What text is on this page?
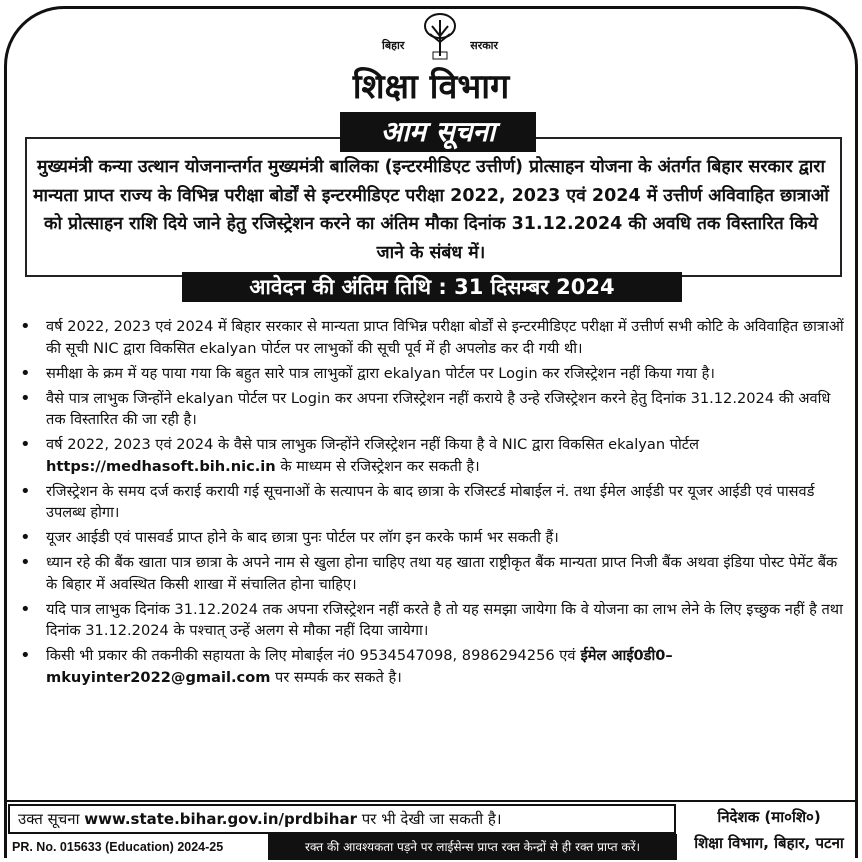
बिहार	सरकार
शिक्षा विभाग
आम सूचना
मुख्यमंत्री कन्या उत्थान योजनान्तर्गत मुख्यमंत्री बालिका (इन्टरमीडिएट उत्तीर्ण) प्रोत्साहन योजना के अंतर्गत बिहार सरकार द्वारा मान्यता प्राप्त राज्य के विभिन्न परीक्षा बोर्डों से इन्टरमीडिएट परीक्षा 2022, 2023 एवं 2024 में उत्तीर्ण अविवाहित छात्राओं को प्रोत्साहन राशि दिये जाने हेतु रजिस्ट्रेशन करने का अंतिम मौका दिनांक 31.12.2024 की अवधि तक विस्तारित किये जाने के संबंध में।
आवेदन की अंतिम तिथि : 31 दिसम्बर 2024
• वर्ष 2022, 2023 एवं 2024 में बिहार सरकार से मान्यता प्राप्त विभिन्न परीक्षा बोर्डों से इन्टरमीडिएट परीक्षा में उत्तीर्ण सभी कोटि के अविवाहित छात्राओं की सूची NIC द्वारा विकसित ekalyan पोर्टल पर लाभुकों की सूची पूर्व में ही अपलोड कर दी गयी थी।
• समीक्षा के क्रम में यह पाया गया कि बहुत सारे पात्र लाभुकों द्वारा ekalyan पोर्टल पर Login कर रजिस्ट्रेशन नहीं किया गया है।
• वैसे पात्र लाभुक जिन्होंने ekalyan पोर्टल पर Login कर अपना रजिस्ट्रेशन नहीं कराये है उन्हे रजिस्ट्रेशन करने हेतु दिनांक 31.12.2024 की अवधि तक विस्तारित की जा रही है।
• वर्ष 2022, 2023 एवं 2024 के वैसे पात्र लाभुक जिन्होंने रजिस्ट्रेशन नहीं किया है वे NIC द्वारा विकसित ekalyan पोर्टल https://medhasoft.bih.nic.in के माध्यम से रजिस्ट्रेशन कर सकती है।
• रजिस्ट्रेशन के समय दर्ज कराई करायी गई सूचनाओं के सत्यापन के बाद छात्रा के रजिस्टर्ड मोबाईल नं. तथा ईमेल आईडी पर यूजर आईडी एवं पासवर्ड उपलब्ध होगा।
• यूजर आईडी एवं पासवर्ड प्राप्त होने के बाद छात्रा पुनः पोर्टल पर लॉग इन करके फार्म भर सकती हैं।
• ध्यान रहे की बैंक खाता पात्र छात्रा के अपने नाम से खुला होना चाहिए तथा यह खाता राष्ट्रीकृत बैंक मान्यता प्राप्त निजी बैंक अथवा इंडिया पोस्ट पेमेंट बैंक के बिहार में अवस्थित किसी शाखा में संचालित होना चाहिए।
• यदि पात्र लाभुक दिनांक 31.12.2024 तक अपना रजिस्ट्रेशन नहीं करते है तो यह समझा जायेगा कि वे योजना का लाभ लेने के लिए इच्छुक नहीं है तथा दिनांक 31.12.2024 के पश्चात् उन्हें अलग से मौका नहीं दिया जायेगा।
• किसी भी प्रकार की तकनीकी सहायता के लिए मोबाईल नं0 9534547098, 8986294256 एवं ईमेल आई0डी0– mkuyinter2022@gmail.com पर सम्पर्क कर सकते है।
उक्त सूचना www.state.bihar.gov.in/prdbihar पर भी देखी जा सकती है।
PR. No. 015633 (Education) 2024-25	रक्त की आवश्यकता पड़ने पर लाईसेन्स प्राप्त रक्त केन्द्रों से ही रक्त प्राप्त करें।
निदेशक (मा०शि०)
शिक्षा विभाग, बिहार, पटना
